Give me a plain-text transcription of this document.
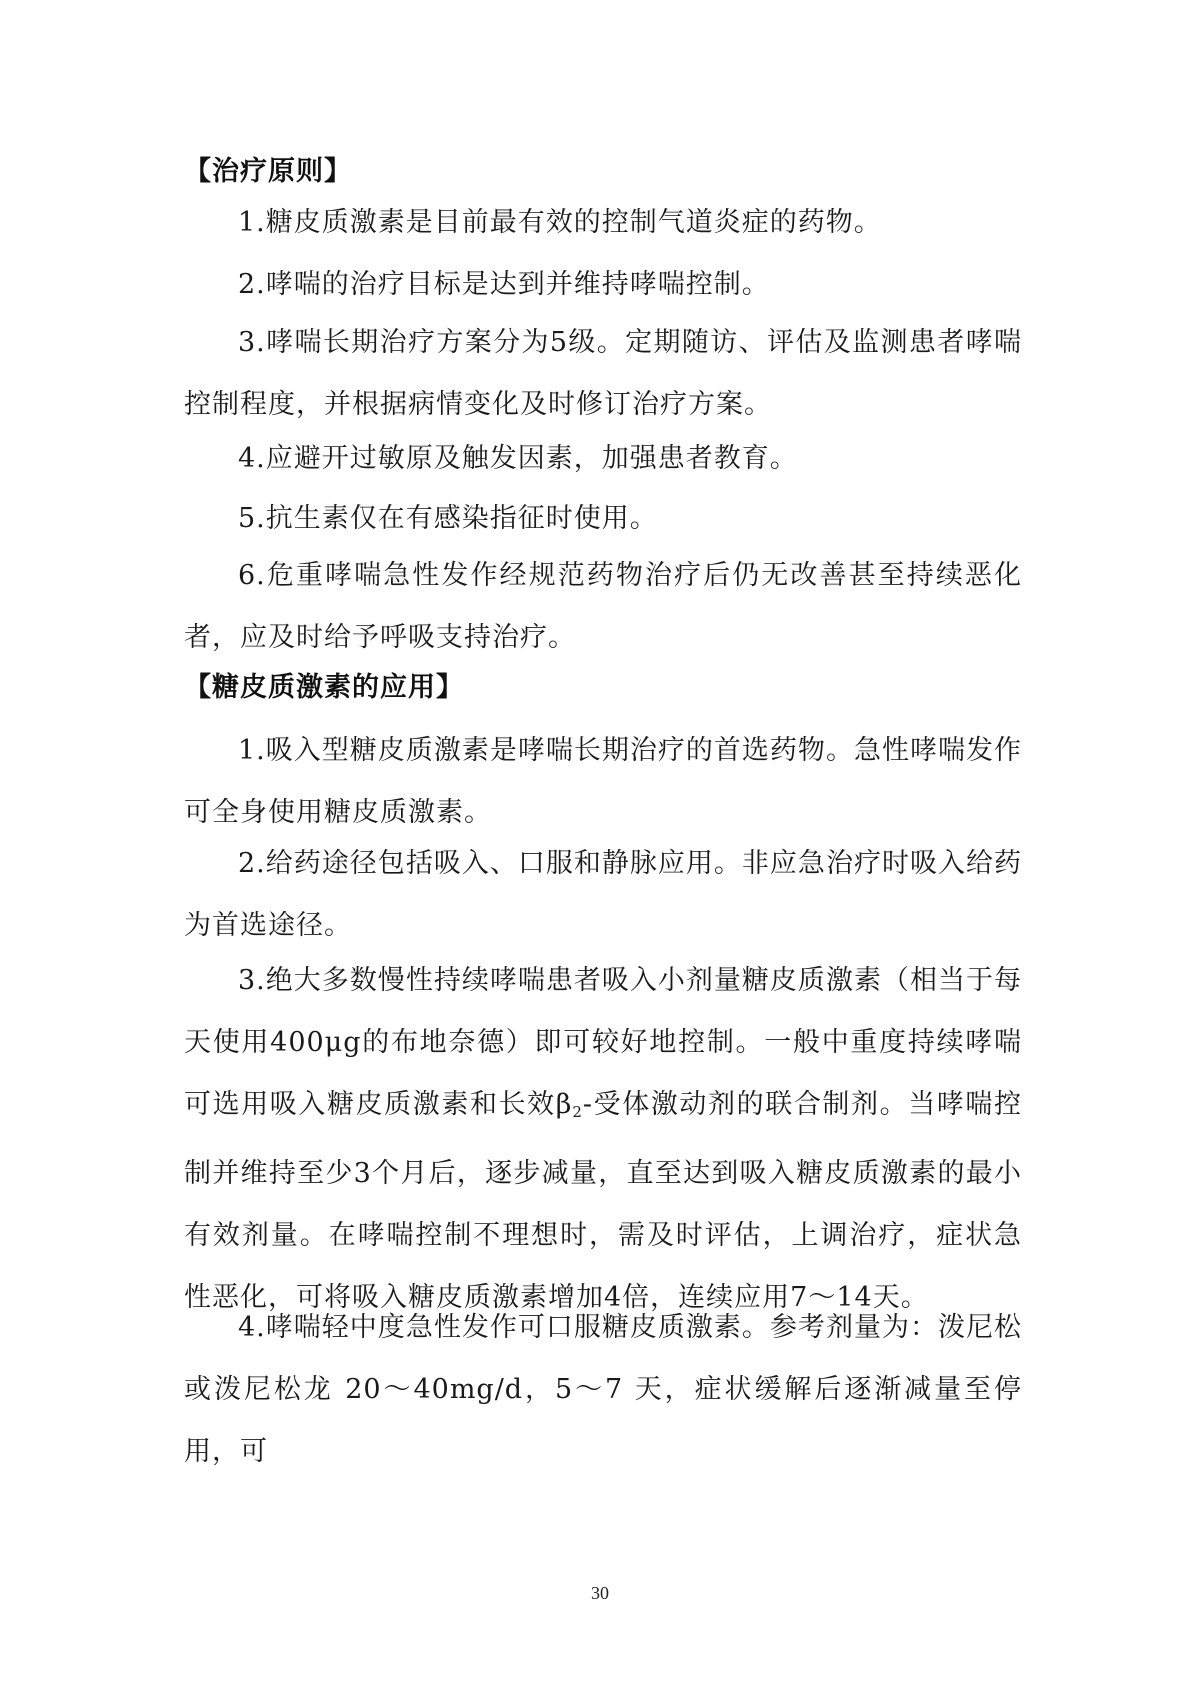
【治疗原则】

1.糖皮质激素是目前最有效的控制气道炎症的药物。

2.哮喘的治疗目标是达到并维持哮喘控制。

3.哮喘长期治疗方案分为5级。定期随访、评估及监测患者哮喘控制程度，并根据病情变化及时修订治疗方案。

4.应避开过敏原及触发因素，加强患者教育。

5.抗生素仅在有感染指征时使用。

6.危重哮喘急性发作经规范药物治疗后仍无改善甚至持续恶化者，应及时给予呼吸支持治疗。

【糖皮质激素的应用】

1.吸入型糖皮质激素是哮喘长期治疗的首选药物。急性哮喘发作可全身使用糖皮质激素。

2.给药途径包括吸入、口服和静脉应用。非应急治疗时吸入给药为首选途径。

3.绝大多数慢性持续哮喘患者吸入小剂量糖皮质激素（相当于每天使用400μg的布地奈德）即可较好地控制。一般中重度持续哮喘可选用吸入糖皮质激素和长效$\beta_2-$受体激动剂的联合制剂。当哮喘控制并维持至少3个月后，逐步减量，直至达到吸入糖皮质激素的最小有效剂量。在哮喘控制不理想时，需及时评估，上调治疗，症状急性恶化，可将吸入糖皮质激素增加4倍，连续应用7～14天。

4.哮喘轻中度急性发作可口服糖皮质激素。参考剂量为：泼尼松或泼尼松龙 20～40mg/d，5～7 天，症状缓解后逐渐减量至停用，可

30
